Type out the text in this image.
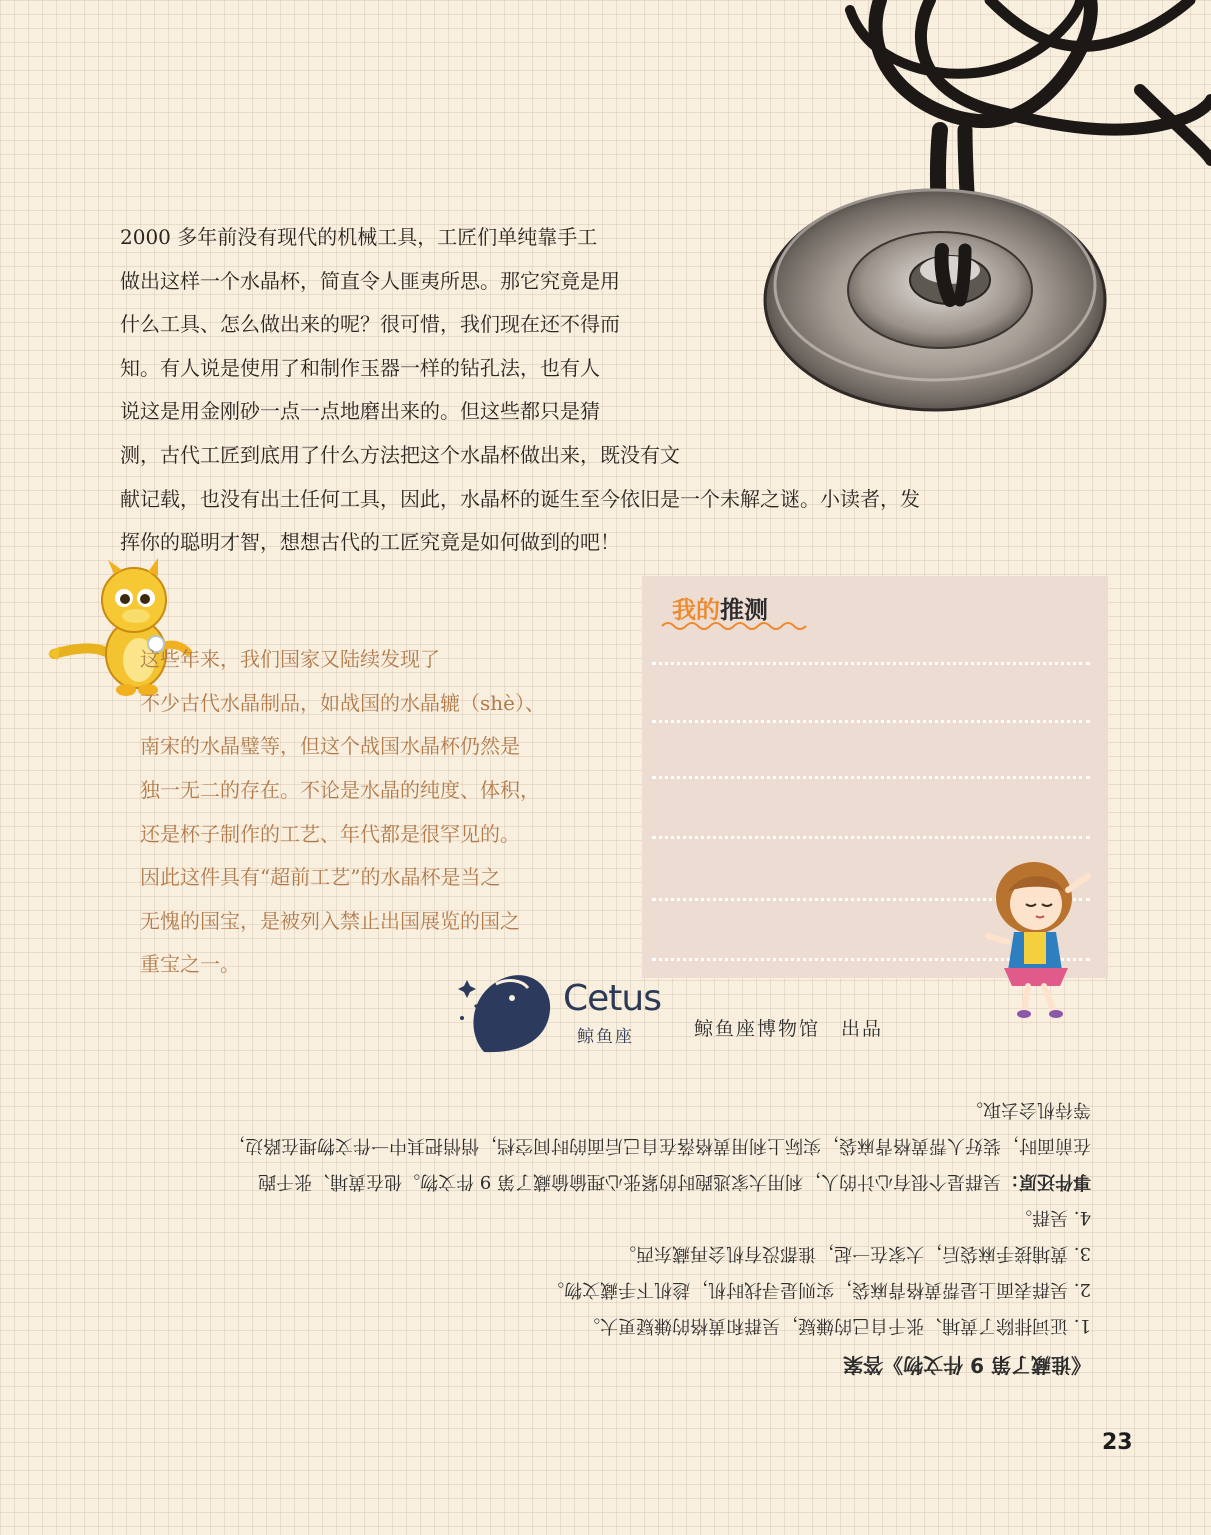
2000 多年前没有现代的机械工具，工匠们单纯靠手工
做出这样一个水晶杯，简直令人匪夷所思。那它究竟是用
什么工具、怎么做出来的呢？很可惜，我们现在还不得而
知。有人说是使用了和制作玉器一样的钻孔法，也有人
说这是用金刚砂一点一点地磨出来的。但这些都只是猜
测，古代工匠到底用了什么方法把这个水晶杯做出来，既没有文
献记载，也没有出土任何工具，因此，水晶杯的诞生至今依旧是一个未解之谜。小读者，发
挥你的聪明才智，想想古代的工匠究竟是如何做到的吧！
这些年来，我们国家又陆续发现了
不少古代水晶制品，如战国的水晶辘（shè）、
南宋的水晶璧等，但这个战国水晶杯仍然是
独一无二的存在。不论是水晶的纯度、体积，
还是杯子制作的工艺、年代都是很罕见的。
因此这件具有“超前工艺”的水晶杯是当之
无愧的国宝，是被列入禁止出国展览的国之
重宝之一。
我的推测
Cetus
鲸鱼座	鲸鱼座博物馆　出品
《谁藏了第 9 件文物》答案
1. 证词排除了黄埔、张千自己的嫌疑，吴群和黄格的嫌疑更大。
2. 吴群表面上是帮黄格背麻袋，实则是寻找时机，趁机下手藏文物。
3. 黄埔接手麻袋后，大家在一起，谁都没有机会再藏东西。
4. 吴群。
事件还原：吴群是个很有心计的人，利用大家逃跑时的紧张心理偷偷藏了第 9 件文物。他在黄埔、张千跑
在前面时，装好人帮黄格背麻袋，实际上利用黄格落在自己后面的时间空档，悄悄把其中一件文物埋在路边，
等待机会去取。
23
